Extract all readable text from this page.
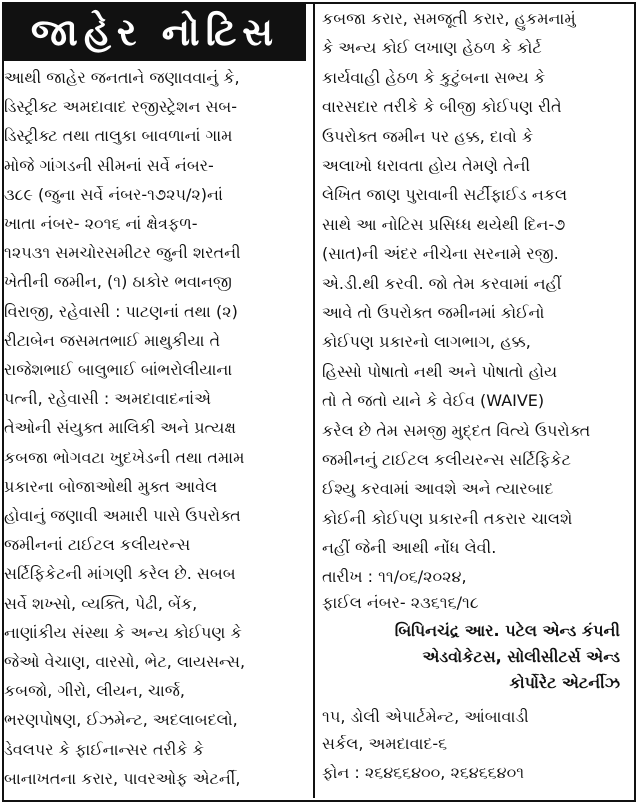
જાહેર નોટિસ
આથી જાહેર જનતાને જણાવવાનું કે,
ડિસ્ટ્રીક્ટ અમદાવાદ રજીસ્ટ્રેશન સબ-
ડિસ્ટ્રીક્ટ તથા તાલુકા બાવળાનાં ગામ
મોજે ગાંગડની સીમનાં સર્વે નંબર-
૩૮૯ (જુના સર્વે નંબર-૧૭૨૫/૨)નાં
ખાતા નંબર- ૨૦૧૬ નાં ક્ષેત્રફળ-
૧૨૫૩૧ સમચોરસમીટર જુની શરતની
ખેતીની જમીન, (૧) ઠાકોર ભવાનજી
વિરાજી, રહેવાસી : પાટણનાં તથા (૨)
રીટાબેન જસમતભાઈ માથુકીયા તે
રાજેશભાઈ બાલુભાઈ બાંભરોલીયાના
પત્ની, રહેવાસી : અમદાવાદનાંએ
તેઓની સંયુક્ત માલિકી અને પ્રત્યક્ષ
કબજા ભોગવટા ખુદખેડની તથા તમામ
પ્રકારના બોજાઓથી મુક્ત આવેલ
હોવાનું જણાવી અમારી પાસે ઉપરોક્ત
જમીનનાં ટાઈટલ કલીયરન્સ
સર્ટિફિકેટની માંગણી કરેલ છે. સબબ
સર્વે શખ્સો, વ્યક્તિ, પેઢી, બેંક,
નાણાંકીય સંસ્થા કે અન્ય કોઈપણ કે
જેઓ વેચાણ, વારસો, ભેટ, લાયસન્સ,
કબજો, ગીરો, લીયન, ચાર્જ,
ભરણપોષણ, ઈઝમેન્ટ, અદલાબદલો,
ડેવલપર કે ફાઈનાન્સર તરીકે કે
બાનાખતના કરાર, પાવરઓફ એટર્ની,
કબજા કરાર, સમજૂતી કરાર, હુકમનામું
કે અન્ય કોઈ લખાણ હેઠળ કે કોર્ટ
કાર્યવાહી હેઠળ કે કુટુંબના સભ્ય કે
વારસદાર તરીકે કે બીજી કોઈપણ રીતે
ઉપરોક્ત જમીન પર હક્ક, દાવો કે
અલાખો ધરાવતા હોય તેમણે તેની
લેખિત જાણ પુરાવાની સર્ટીફાઈડ નકલ
સાથે આ નોટિસ પ્રસિધ્ધ થયેથી દિન-૭
(સાત)ની અંદર નીચેના સરનામે રજી.
એ.ડી.થી કરવી. જો તેમ કરવામાં નહીં
આવે તો ઉપરોક્ત જમીનમાં કોઈનો
કોઈપણ પ્રકારનો લાગભાગ, હક્ક,
હિસ્સો પોષાતો નથી અને પોષાતો હોય
તો તે જતો યાને કે વેઈવ (WAIVE)
કરેલ છે તેમ સમજી મુદ્દત વિત્યે ઉપરોક્ત
જમીનનું ટાઈટલ કલીયરન્સ સર્ટિફિકેટ
ઈશ્યુ કરવામાં આવશે અને ત્યારબાદ
કોઈની કોઈપણ પ્રકારની તકરાર ચાલશે
નહીં જેની આથી નોંધ લેવી.
તારીખ : ૧૧/૦૬/૨૦૨૪,
ફાઈલ નંબર- ૨૩૬૧૬/૧૮
બિપિનચંદ્ર આર. પટેલ એન્ડ કંપની
એડવોકેટસ, સોલીસીટર્સ એન્ડ
કોર્પોરેટ એટર્નીઝ
૧૫, ડોલી એપાર્ટમેન્ટ, આંબાવાડી
સર્કલ, અમદાવાદ-૬
ફોન : ૨૬૪૬૬૪૦૦, ૨૬૪૬૬૪૦૧
